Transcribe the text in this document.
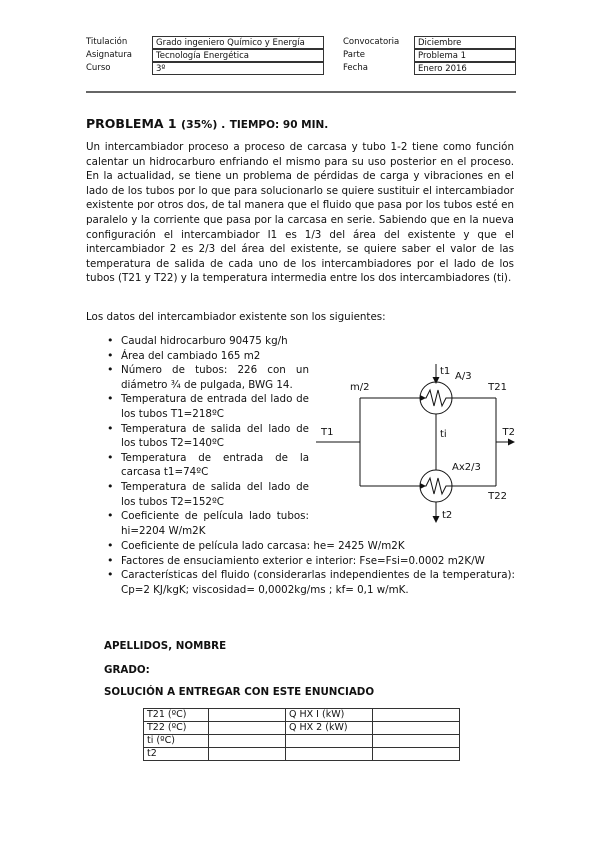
Titulación	Grado ingeniero Químico y Energía	Convocatoria	Diciembre
Asignatura	Tecnología Energética	Parte	Problema 1
Curso	3º	Fecha	Enero 2016
PROBLEMA 1 (35%) . TIEMPO: 90 MIN.
Un intercambiador proceso a proceso de carcasa y tubo 1-2 tiene como función calentar un hidrocarburo enfriando el mismo para su uso posterior en el proceso. En la actualidad, se tiene un problema de pérdidas de carga y vibraciones en el lado de los tubos por lo que para solucionarlo se quiere sustituir el intercambiador existente por otros dos, de tal manera que el fluido que pasa por los tubos esté en paralelo y la corriente que pasa por la carcasa en serie. Sabiendo que en la nueva configuración el intercambiador I1 es 1/3 del área del existente y que el intercambiador 2 es 2/3 del área del existente, se quiere saber el valor de las temperatura de salida de cada uno de los intercambiadores por el lado de los tubos (T21 y T22) y la temperatura intermedia entre los dos intercambiadores (ti).
Los datos del intercambiador existente son los siguientes:
• Caudal hidrocarburo 90475 kg/h
• Área del cambiado 165 m2
• Número de tubos: 226 con un diámetro ¾ de pulgada, BWG 14.
• Temperatura de entrada del lado de los tubos T1=218ºC
• Temperatura de salida del lado de los tubos T2=140ºC
• Temperatura de entrada de la carcasa t1=74ºC
• Temperatura de salida del lado de los tubos T2=152ºC
• Coeficiente de película lado tubos: hi=2204 W/m2K
t1 A/3
m/2	T21
T1	ti	T2
Ax2/3
T22
t2
• Coeficiente de película lado carcasa: he= 2425 W/m2K
• Factores de ensuciamiento exterior e interior: Fse=Fsi=0.0002 m2K/W
• Características del fluido (considerarlas independientes de la temperatura): Cp=2 KJ/kgK; viscosidad= 0,0002kg/ms ; kf= 0,1 w/mK.
APELLIDOS, NOMBRE
GRADO:
SOLUCIÓN A ENTREGAR CON ESTE ENUNCIADO
T21 (ºC)		Q HX I (kW)	
T22 (ºC)		Q HX 2 (kW)	
ti (ºC)			
t2			
